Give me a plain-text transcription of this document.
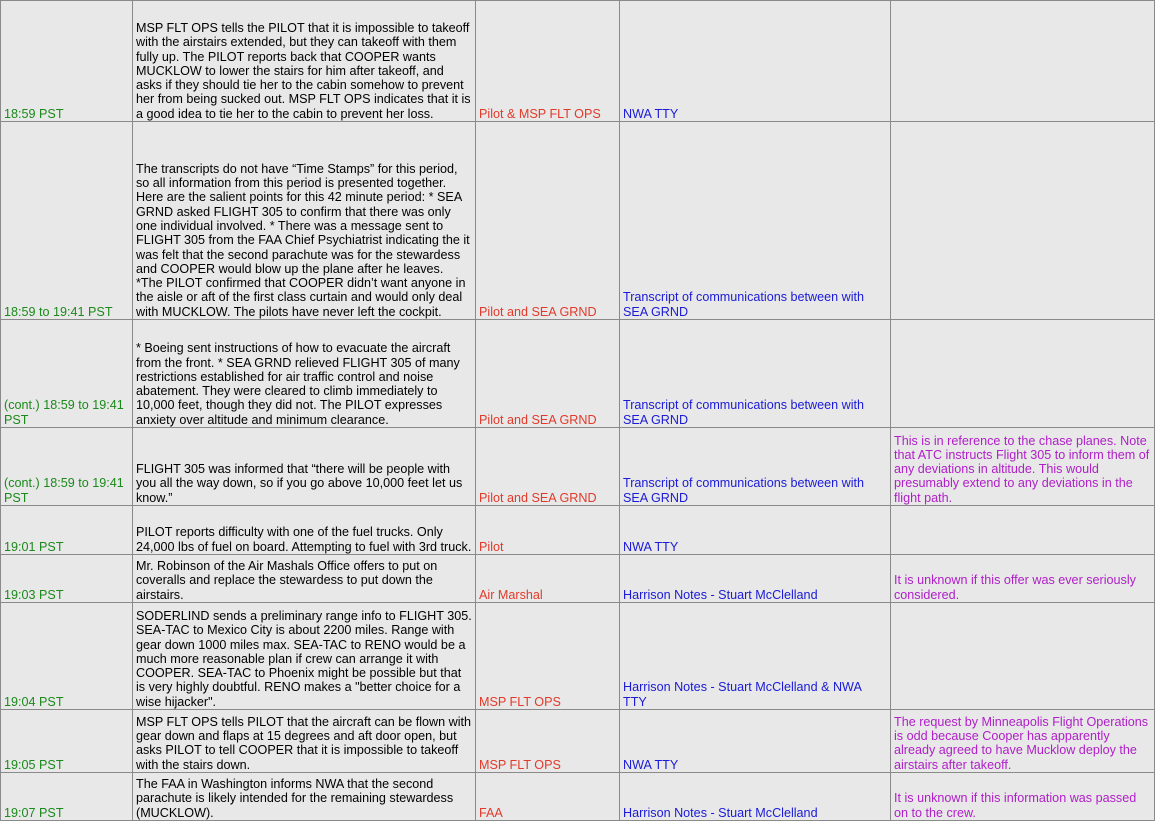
18:59 PST	MSP FLT OPS tells the PILOT that it is impossible to takeoff with the airstairs extended, but they can takeoff with them fully up. The PILOT reports back that COOPER wants MUCKLOW to lower the stairs for him after takeoff, and asks if they should tie her to the cabin somehow to prevent her from being sucked out. MSP FLT OPS indicates that it is a good idea to tie her to the cabin to prevent her loss.	Pilot & MSP FLT OPS	NWA TTY	
18:59 to 19:41 PST	The transcripts do not have “Time Stamps” for this period, so all information from this period is presented together. Here are the salient points for this 42 minute period: * SEA GRND asked FLIGHT 305 to confirm that there was only one individual involved. * There was a message sent to FLIGHT 305 from the FAA Chief Psychiatrist indicating the it was felt that the second parachute was for the stewardess and COOPER would blow up the plane after he leaves. *The PILOT confirmed that COOPER didn’t want anyone in the aisle or aft of the first class curtain and would only deal with MUCKLOW. The pilots have never left the cockpit.	Pilot and SEA GRND	Transcript of communications between with SEA GRND	
(cont.) 18:59 to 19:41 PST	* Boeing sent instructions of how to evacuate the aircraft from the front. * SEA GRND relieved FLIGHT 305 of many restrictions established for air traffic control and noise abatement. They were cleared to climb immediately to 10,000 feet, though they did not. The PILOT expresses anxiety over altitude and minimum clearance.	Pilot and SEA GRND	Transcript of communications between with SEA GRND	
(cont.) 18:59 to 19:41 PST	FLIGHT 305 was informed that “there will be people with you all the way down, so if you go above 10,000 feet let us know.”	Pilot and SEA GRND	Transcript of communications between with SEA GRND	This is in reference to the chase planes. Note that ATC instructs Flight 305 to inform them of any deviations in altitude. This would presumably extend to any deviations in the flight path.
19:01 PST	PILOT reports difficulty with one of the fuel trucks. Only 24,000 lbs of fuel on board. Attempting to fuel with 3rd truck.	Pilot	NWA TTY	
19:03 PST	Mr. Robinson of the Air Mashals Office offers to put on coveralls and replace the stewardess to put down the airstairs.	Air Marshal	Harrison Notes - Stuart McClelland	It is unknown if this offer was ever seriously considered.
19:04 PST	SODERLIND sends a preliminary range info to FLIGHT 305. SEA-TAC to Mexico City is about 2200 miles. Range with gear down 1000 miles max. SEA-TAC to RENO would be a much more reasonable plan if crew can arrange it with COOPER. SEA-TAC to Phoenix might be possible but that is very highly doubtful. RENO makes a "better choice for a wise hijacker".	MSP FLT OPS	Harrison Notes - Stuart McClelland & NWA TTY	
19:05 PST	MSP FLT OPS tells PILOT that the aircraft can be flown with gear down and flaps at 15 degrees and aft door open, but asks PILOT to tell COOPER that it is impossible to takeoff with the stairs down.	MSP FLT OPS	NWA TTY	The request by Minneapolis Flight Operations is odd because Cooper has apparently already agreed to have Mucklow deploy the airstairs after takeoff.
19:07 PST	The FAA in Washington informs NWA that the second parachute is likely intended for the remaining stewardess (MUCKLOW).	FAA	Harrison Notes - Stuart McClelland	It is unknown if this information was passed on to the crew.
